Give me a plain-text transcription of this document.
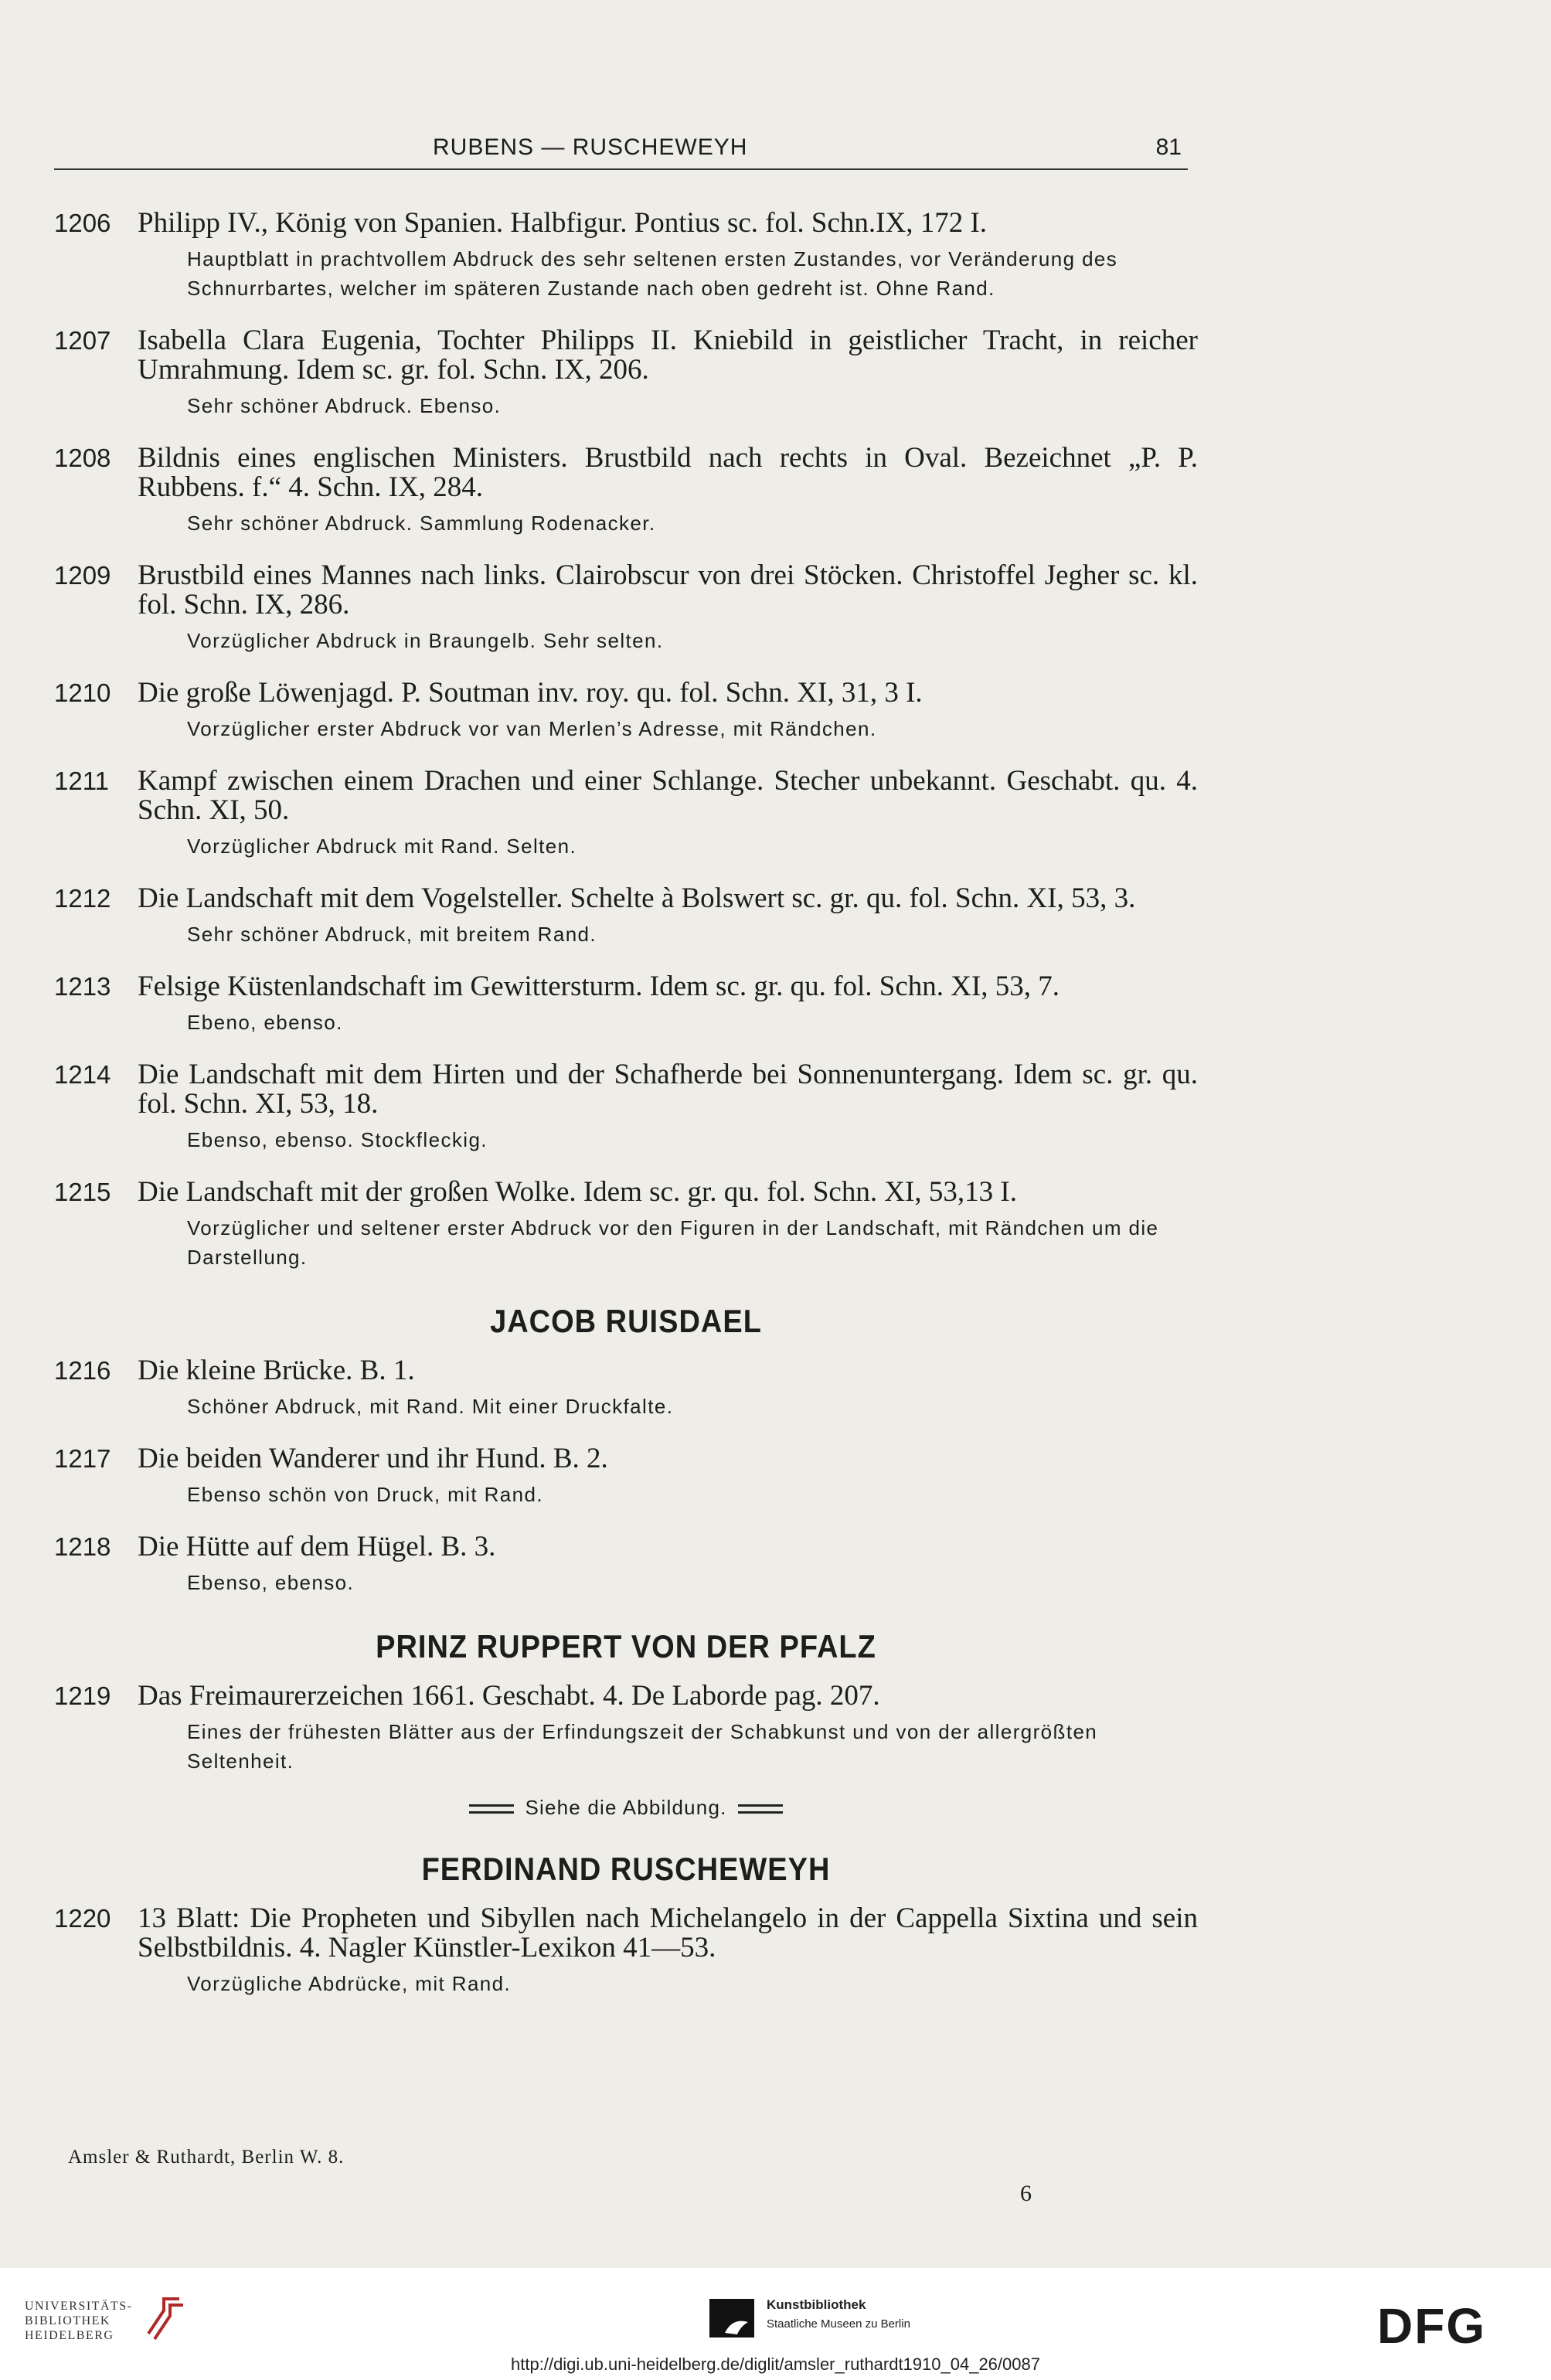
RUBENS — RUSCHEWEYH	81
1206 Philipp IV., König von Spanien. Halbfigur. Pontius sc. fol. Schn.IX, 172 I.
Hauptblatt in prachtvollem Abdruck des sehr seltenen ersten Zustandes, vor Veränderung des Schnurrbartes, welcher im späteren Zustande nach oben gedreht ist. Ohne Rand.
1207 Isabella Clara Eugenia, Tochter Philipps II. Kniebild in geistlicher Tracht, in reicher Umrahmung. Idem sc. gr. fol. Schn. IX, 206.
Sehr schöner Abdruck. Ebenso.
1208 Bildnis eines englischen Ministers. Brustbild nach rechts in Oval. Bezeichnet „P. P. Rubbens. f.“ 4. Schn. IX, 284.
Sehr schöner Abdruck. Sammlung Rodenacker.
1209 Brustbild eines Mannes nach links. Clairobscur von drei Stöcken. Christoffel Jegher sc. kl. fol. Schn. IX, 286.
Vorzüglicher Abdruck in Braungelb. Sehr selten.
1210 Die große Löwenjagd. P. Soutman inv. roy. qu. fol. Schn. XI, 31, 3 I.
Vorzüglicher erster Abdruck vor van Merlen’s Adresse, mit Rändchen.
1211	Kampf zwischen einem Drachen und einer Schlange. Stecher unbekannt. Geschabt. qu. 4. Schn. XI, 50.
Vorzüglicher Abdruck mit Rand. Selten.
1212 Die Landschaft mit dem Vogelsteller. Schelte à Bolswert sc. gr. qu. fol. Schn. XI, 53, 3.
Sehr schöner Abdruck, mit breitem Rand.
1213 Felsige Küstenlandschaft im Gewittersturm. Idem sc. gr. qu. fol. Schn. XI, 53, 7.
Ebeno, ebenso.
1214 Die Landschaft mit dem Hirten und der Schafherde bei Sonnenuntergang. Idem sc. gr. qu. fol. Schn. XI, 53, 18.
Ebenso, ebenso. Stockfleckig.
1215 Die Landschaft mit der großen Wolke. Idem sc. gr. qu. fol. Schn. XI, 53,13 I.
Vorzüglicher und seltener erster Abdruck vor den Figuren in der Landschaft, mit Rändchen um die Darstellung.
JACOB RUISDAEL
1216 Die kleine Brücke. B. 1.
Schöner Abdruck, mit Rand. Mit einer Druckfalte.
1217 Die beiden Wanderer und ihr Hund. B. 2.
Ebenso schön von Druck, mit Rand.
1218 Die Hütte auf dem Hügel. B. 3.
Ebenso, ebenso.
PRINZ RUPPERT VON DER PFALZ
1219 Das Freimaurerzeichen 1661. Geschabt. 4. De Laborde pag. 207.
Eines der frühesten Blätter aus der Erfindungszeit der Schabkunst und von der allergrößten Seltenheit.
Siehe die Abbildung.
FERDINAND RUSCHEWEYH
1220 13 Blatt: Die Propheten und Sibyllen nach Michelangelo in der Cappella Sixtina und sein Selbstbildnis. 4. Nagler Künstler-Lexikon 41—53.
Vorzügliche Abdrücke, mit Rand.
Amsler & Ruthardt, Berlin W. 8.
6
UNIVERSITÄTS-
BIBLIOTHEK
HEIDELBERG
Kunstbibliothek
Staatliche Museen zu Berlin	DFG
http://digi.ub.uni-heidelberg.de/diglit/amsler_ruthardt1910_04_26/0087
